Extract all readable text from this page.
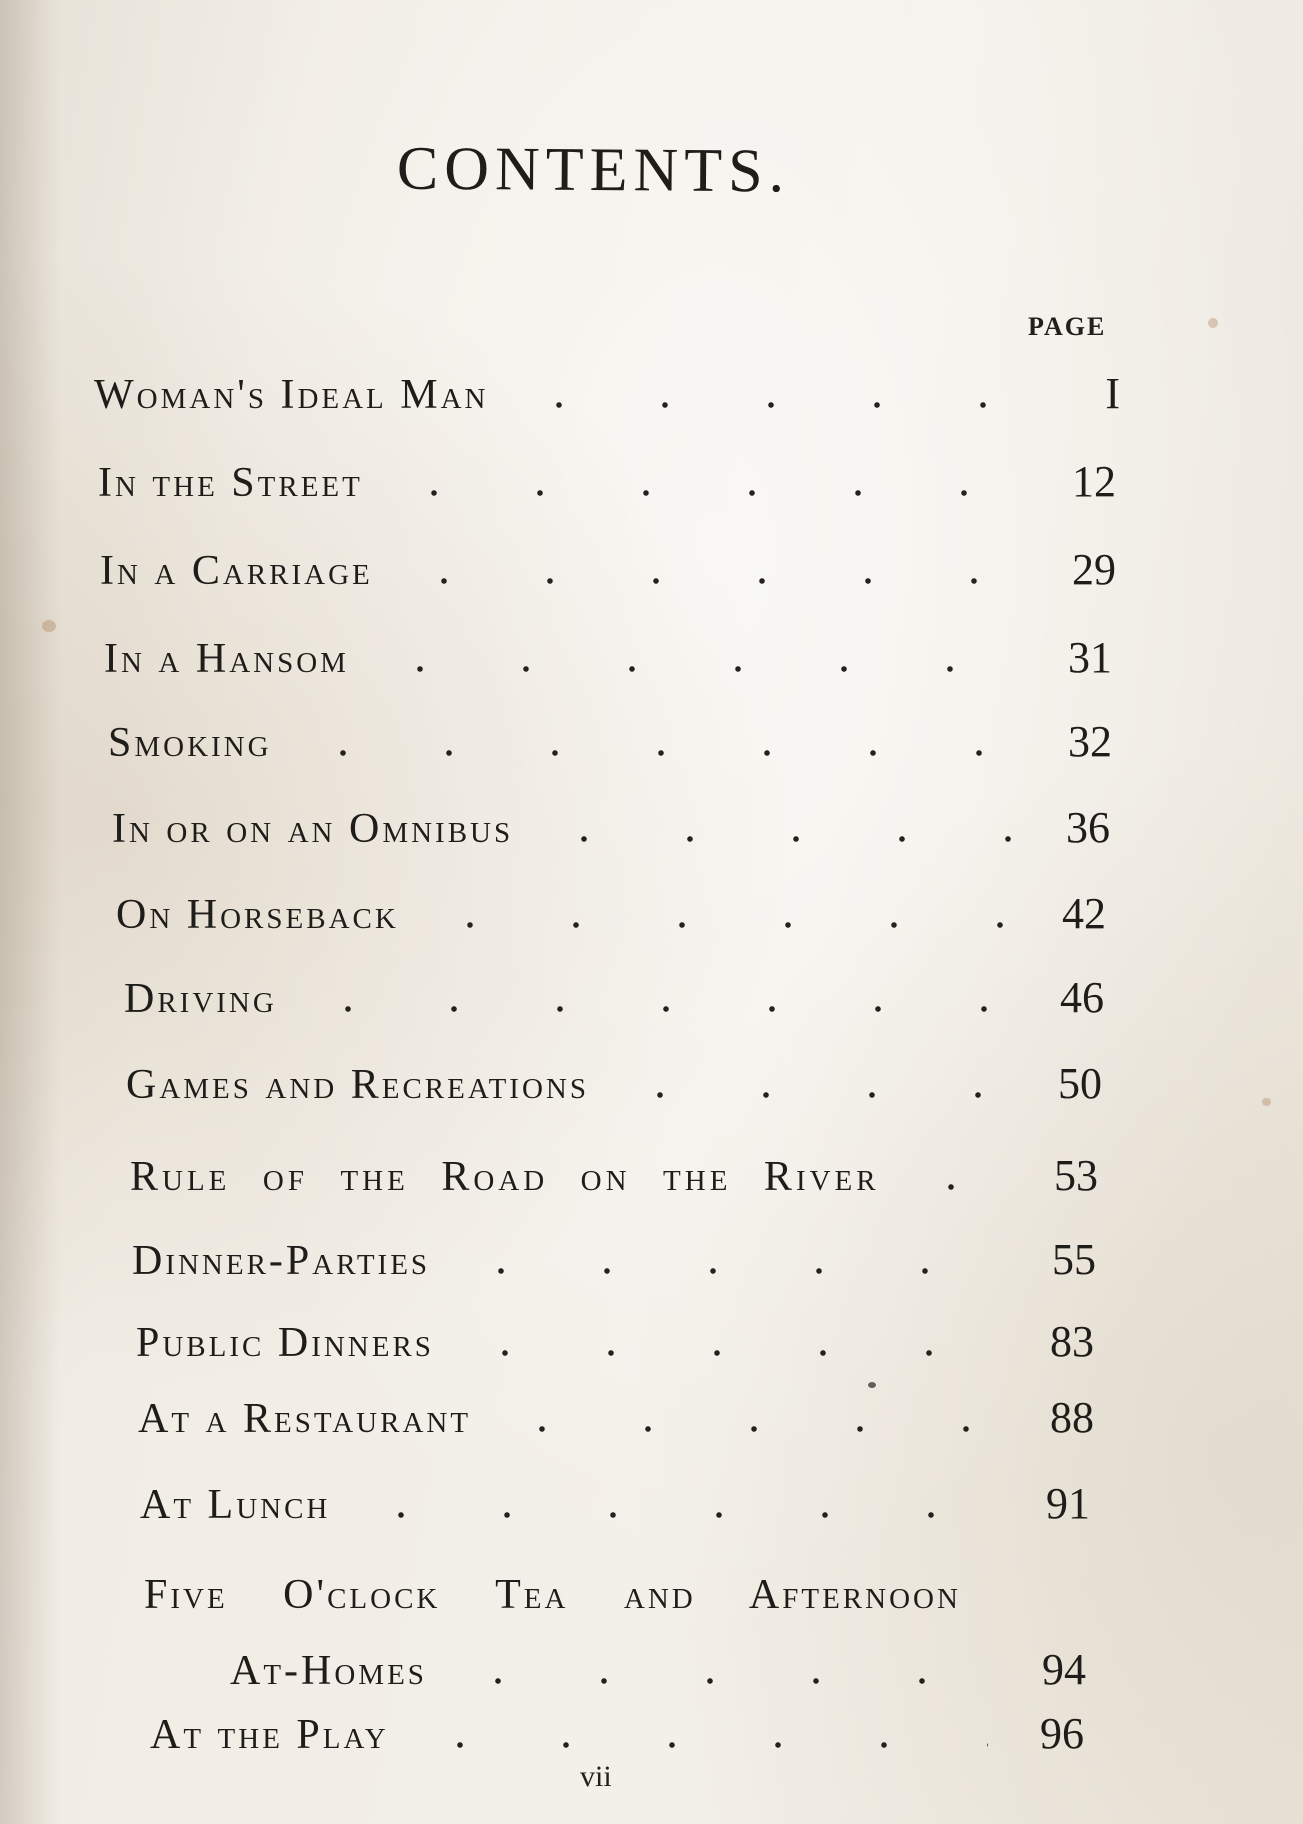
CONTENTS.
PAGE
Woman's Ideal Man	I
In the Street	12
In a Carriage	29
In a Hansom	31
Smoking	32
In or on an Omnibus	36
On Horseback	42
Driving	46
Games and Recreations	50
Rule of the Road on the River	53
Dinner-Parties	55
Public Dinners	83
At a Restaurant	88
At Lunch	91
Five O'clock Tea and Afternoon
At-Homes	94
At the Play	96
vii
